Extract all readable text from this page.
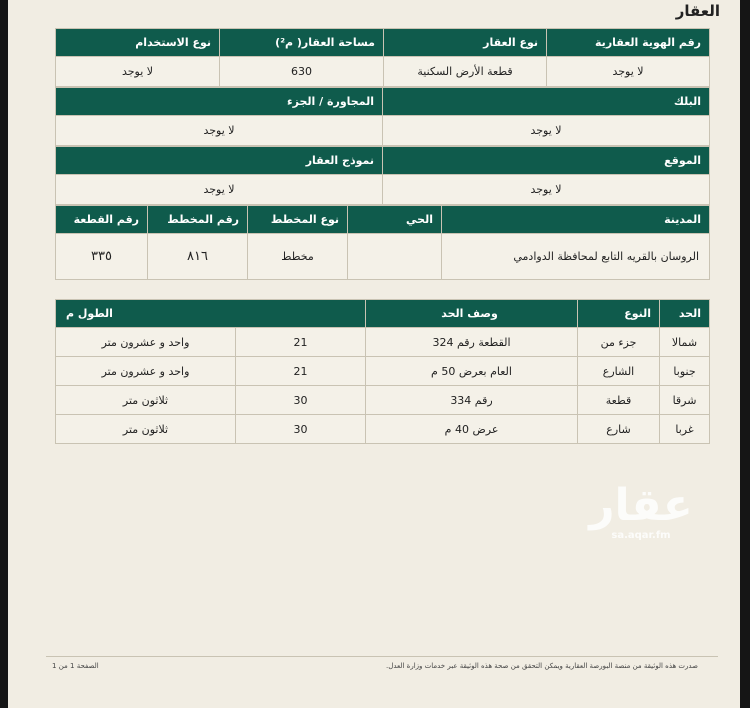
العقار
رقم الهوية العقارية	نوع العقار	مساحة العقار( م²)	نوع الاستخدام
لا يوجد	قطعة الأرض السكنية	630	لا يوجد
البلك	المجاورة / الجزء
لا يوجد	لا يوجد
الموقع	نموذج العقار
لا يوجد	لا يوجد
المدينة	الحي	نوع المخطط	رقم المخطط	رقم القطعة
الروسان بالقريه التابع لمحافظة الدوادمي		مخطط	٨١٦	٣٣٥
الحد	النوع	وصف الحد	الطول م	
شمالا	جزء من	القطعة رقم 324	21	واحد و عشرون متر
جنوبا	الشارع	العام بعرض 50 م	21	واحد و عشرون متر
شرقا	قطعة	رقم 334	30	ثلاثون متر
غربا	شارع	عرض 40 م	30	ثلاثون متر
عقار
sa.aqar.fm
صدرت هذه الوثيقة من منصة البورصة العقارية ويمكن التحقق من صحة هذه الوثيقة عبر خدمات وزارة العدل.
الصفحة 1 من 1
